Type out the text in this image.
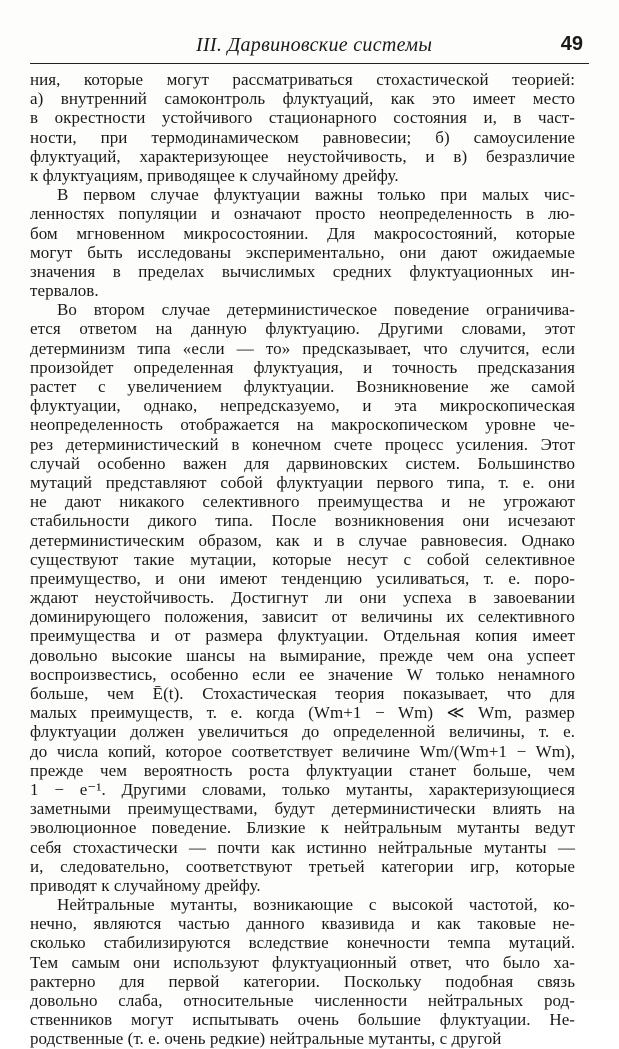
III. Дарвиновские системы	49
ния, которые могут рассматриваться стохастической теорией:
а) внутренний самоконтроль флуктуаций, как это имеет место
в окрестности устойчивого стационарного состояния и, в част-
ности, при термодинамическом равновесии; б) самоусиление
флуктуаций, характеризующее неустойчивость, и в) безразличие
к флуктуациям, приводящее к случайному дрейфу.
В первом случае флуктуации важны только при малых чис-
ленностях популяции и означают просто неопределенность в лю-
бом мгновенном микросостоянии. Для макросостояний, которые
могут быть исследованы экспериментально, они дают ожидаемые
значения в пределах вычислимых средних флуктуационных ин-
тервалов.
Во втором случае детерминистическое поведение ограничива-
ется ответом на данную флуктуацию. Другими словами, этот
детерминизм типа «если — то» предсказывает, что случится, если
произойдет определенная флуктуация, и точность предсказания
растет с увеличением флуктуации. Возникновение же самой
флуктуации, однако, непредсказуемо, и эта микроскопическая
неопределенность отображается на макроскопическом уровне че-
рез детерминистический в конечном счете процесс усиления. Этот
случай особенно важен для дарвиновских систем. Большинство
мутаций представляют собой флуктуации первого типа, т. е. они
не дают никакого селективного преимущества и не угрожают
стабильности дикого типа. После возникновения они исчезают
детерминистическим образом, как и в случае равновесия. Однако
существуют такие мутации, которые несут с собой селективное
преимущество, и они имеют тенденцию усиливаться, т. е. поро-
ждают неустойчивость. Достигнут ли они успеха в завоевании
доминирующего положения, зависит от величины их селективного
преимущества и от размера флуктуации. Отдельная копия имеет
довольно высокие шансы на вымирание, прежде чем она успеет
воспроизвестись, особенно если ее значение W только ненамного
больше, чем Ē(t). Стохастическая теория показывает, что для
малых преимуществ, т. е. когда (Wm+1 − Wm) ≪ Wm, размер
флуктуации должен увеличиться до определенной величины, т. е.
до числа копий, которое соответствует величине Wm/(Wm+1 − Wm),
прежде чем вероятность роста флуктуации станет больше, чем
1 − e⁻¹. Другими словами, только мутанты, характеризующиеся
заметными преимуществами, будут детерминистически влиять на
эволюционное поведение. Близкие к нейтральным мутанты ведут
себя стохастически — почти как истинно нейтральные мутанты —
и, следовательно, соответствуют третьей категории игр, которые
приводят к случайному дрейфу.
Нейтральные мутанты, возникающие с высокой частотой, ко-
нечно, являются частью данного квазивида и как таковые не-
сколько стабилизируются вследствие конечности темпа мутаций.
Тем самым они используют флуктуационный ответ, что было ха-
рактерно для первой категории. Поскольку подобная связь
довольно слаба, относительные численности нейтральных род-
ственников могут испытывать очень большие флуктуации. Не-
родственные (т. е. очень редкие) нейтральные мутанты, с другой
